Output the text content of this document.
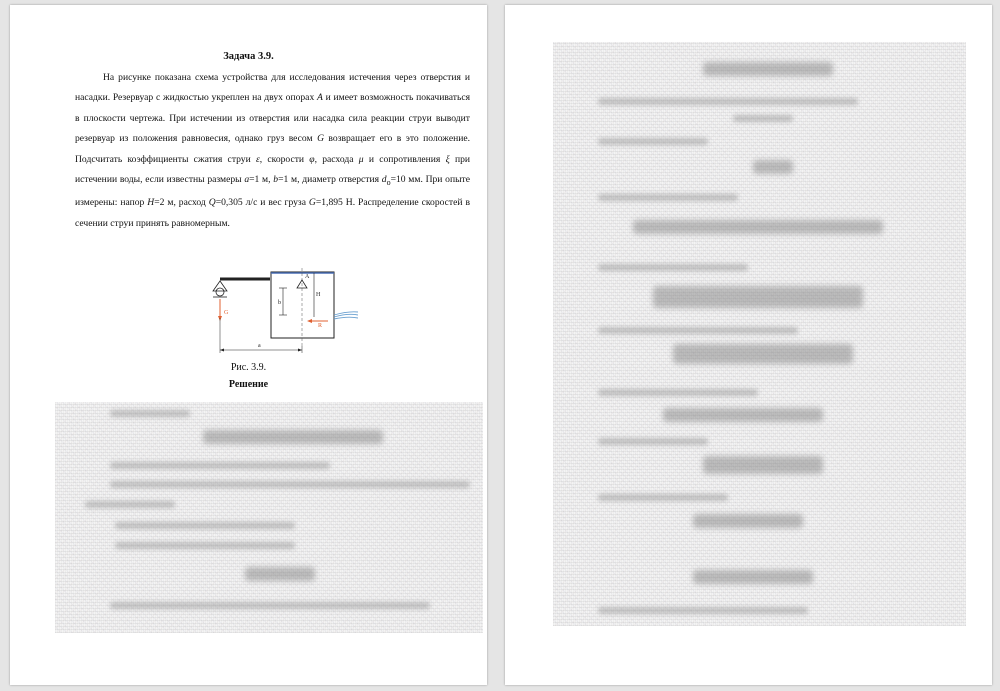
Задача 3.9.
На рисунке показана схема устройства для исследования истечения через отверстия и насадки. Резервуар с жидкостью укреплен на двух опорах A и имеет возможность покачиваться в плоскости чертежа. При истечении из отверстия или насадка сила реакции струи выводит резервуар из положения равновесия, однако груз весом G возвращает его в это положение. Подсчитать коэффициенты сжатия струи ε, скорости φ, расхода μ и сопротивления ξ при истечении воды, если известны размеры a=1 м, b=1 м, диаметр отверстия $d_o=10$ мм. При опыте измерены: напор H=2 м, расход Q=0,305 л/с и вес груза G=1,895 Н. Распределение скоростей в сечении струи принять равномерным.
G
A
b
H
R
a
Рис. 3.9.
Решение
